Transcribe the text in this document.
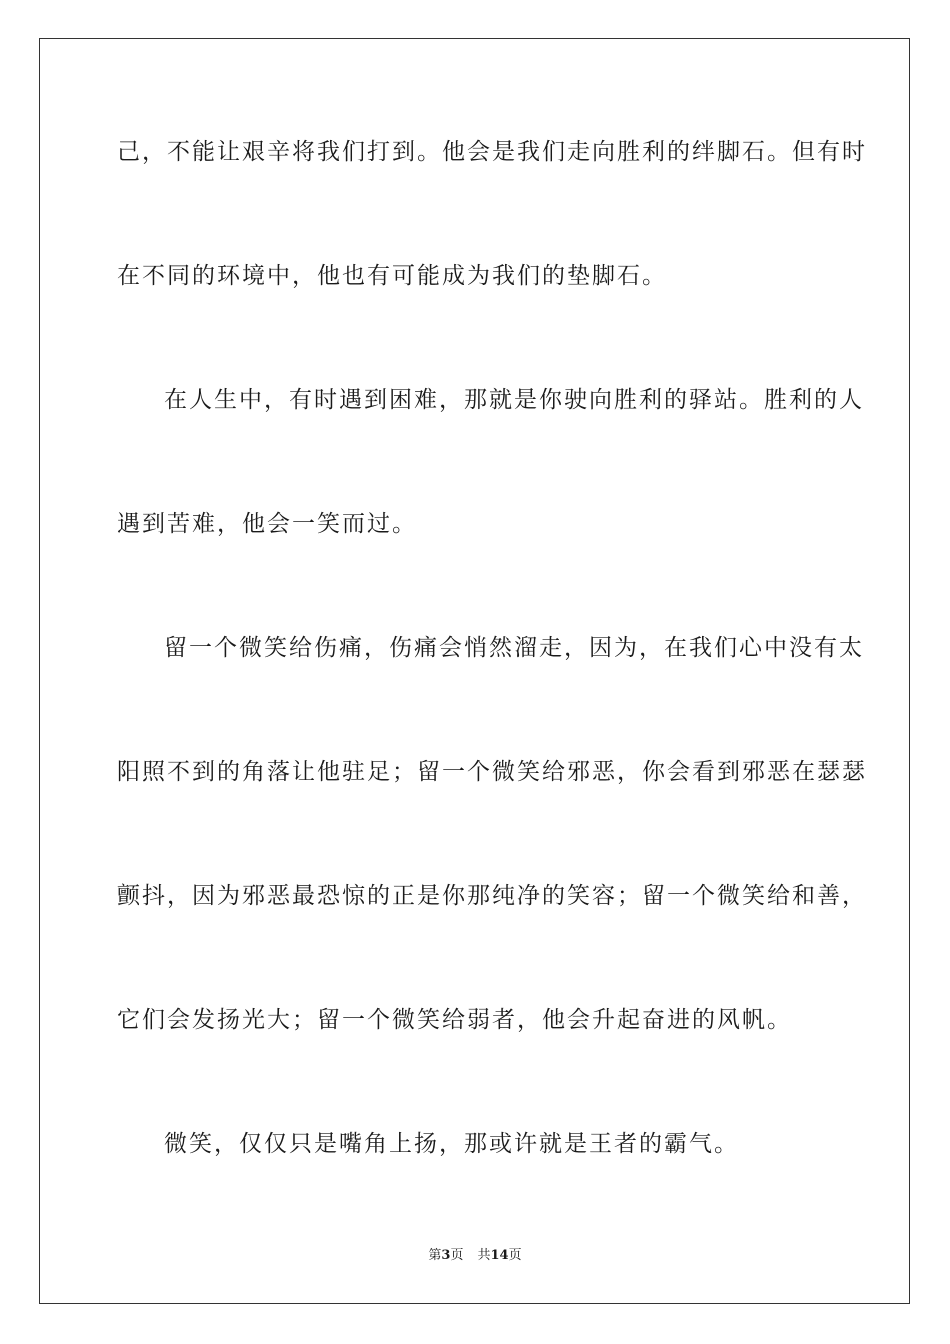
己，不能让艰辛将我们打到。他会是我们走向胜利的绊脚石。但有时
在不同的环境中，他也有可能成为我们的垫脚石。
在人生中，有时遇到困难，那就是你驶向胜利的驿站。胜利的人
遇到苦难，他会一笑而过。
留一个微笑给伤痛，伤痛会悄然溜走，因为，在我们心中没有太
阳照不到的角落让他驻足；留一个微笑给邪恶，你会看到邪恶在瑟瑟
颤抖，因为邪恶最恐惊的正是你那纯净的笑容；留一个微笑给和善，
它们会发扬光大；留一个微笑给弱者，他会升起奋进的风帆。
微笑，仅仅只是嘴角上扬，那或许就是王者的霸气。
第3页 共14页
